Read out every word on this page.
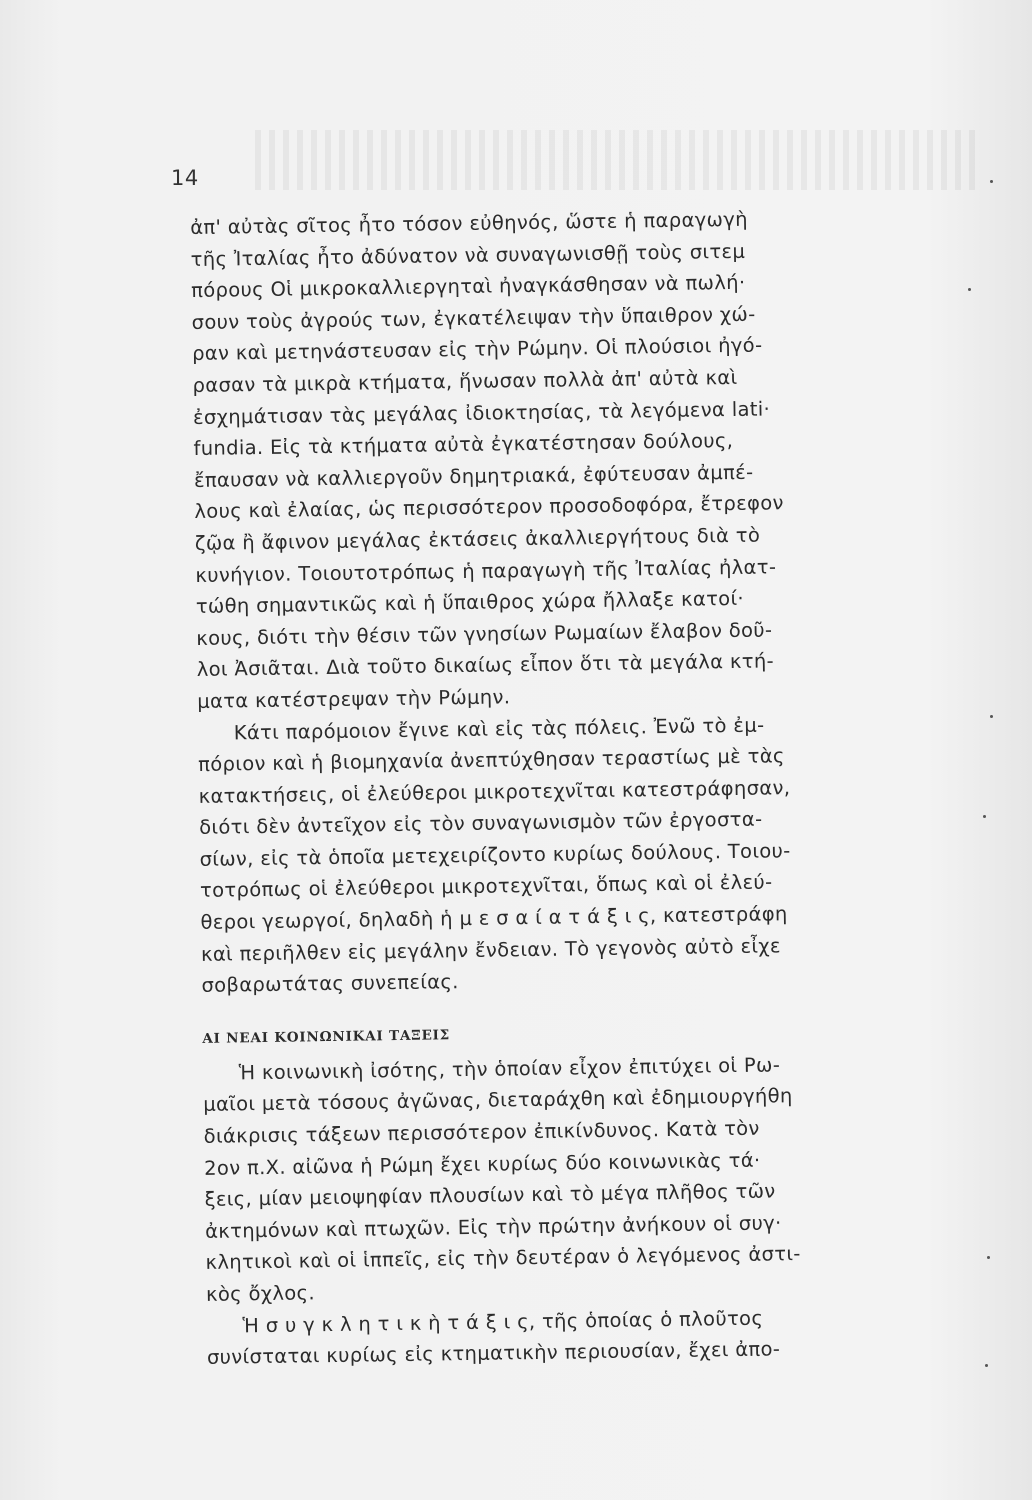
14
ἀπ' αὐτὰς σῖτος ἦτο τόσον εὐθηνός, ὥστε ἡ παραγωγὴ
τῆς Ἰταλίας ἦτο ἀδύνατον νὰ συναγωνισθῇ τοὺς σιτεμ
πόρους Οἱ μικροκαλλιεργηταὶ ἠναγκάσθησαν νὰ πωλή·
σουν τοὺς ἀγρούς των, ἐγκατέλειψαν τὴν ὕπαιθρον χώ-
ραν καὶ μετηνάστευσαν εἰς τὴν Ρώμην. Οἱ πλούσιοι ἠγό-
ρασαν τὰ μικρὰ κτήματα, ἥνωσαν πολλὰ ἀπ' αὐτὰ καὶ
ἐσχημάτισαν τὰς μεγάλας ἰδιοκτησίας, τὰ λεγόμενα lati·
fundia. Εἰς τὰ κτήματα αὐτὰ ἐγκατέστησαν δούλους,
ἔπαυσαν νὰ καλλιεργοῦν δημητριακά, ἐφύτευσαν ἀμπέ-
λους καὶ ἐλαίας, ὡς περισσότερον προσοδοφόρα, ἔτρεφον
ζῷα ἢ ἄφινον μεγάλας ἐκτάσεις ἀκαλλιεργήτους διὰ τὸ
κυνήγιον. Τοιουτοτρόπως ἡ παραγωγὴ τῆς Ἰταλίας ἠλατ-
τώθη σημαντικῶς καὶ ἡ ὕπαιθρος χώρα ἤλλαξε κατοί·
κους, διότι τὴν θέσιν τῶν γνησίων Ρωμαίων ἔλαβον δοῦ-
λοι Ἀσιᾶται. Διὰ τοῦτο δικαίως εἶπον ὅτι τὰ μεγάλα κτή-
ματα κατέστρεψαν τὴν Ρώμην.
Κάτι παρόμοιον ἔγινε καὶ εἰς τὰς πόλεις. Ἐνῶ τὸ ἐμ-
πόριον καὶ ἡ βιομηχανία ἀνεπτύχθησαν τεραστίως μὲ τὰς
κατακτήσεις, οἱ ἐλεύθεροι μικροτεχνῖται κατεστράφησαν,
διότι δὲν ἀντεῖχον εἰς τὸν συναγωνισμὸν τῶν ἐργοστα-
σίων, εἰς τὰ ὁποῖα μετεχειρίζοντο κυρίως δούλους. Τοιου-
τοτρόπως οἱ ἐλεύθεροι μικροτεχνῖται, ὅπως καὶ οἱ ἐλεύ-
θεροι γεωργοί, δηλαδὴ ἡ μ ε σ α ί α τ ά ξ ι ς, κατεστράφη
καὶ περιῆλθεν εἰς μεγάλην ἔνδειαν. Τὸ γεγονὸς αὐτὸ εἶχε
σοβαρωτάτας συνεπείας.
ΑΙ ΝΕΑΙ ΚΟΙΝΩΝΙΚΑΙ ΤΑΞΕΙΣ
Ἡ κοινωνικὴ ἰσότης, τὴν ὁποίαν εἶχον ἐπιτύχει οἱ Ρω-
μαῖοι μετὰ τόσους ἀγῶνας, διεταράχθη καὶ ἐδημιουργήθη
διάκρισις τάξεων περισσότερον ἐπικίνδυνος. Κατὰ τὸν
2ον π.Χ. αἰῶνα ἡ Ρώμη ἔχει κυρίως δύο κοινωνικὰς τά·
ξεις, μίαν μειοψηφίαν πλουσίων καὶ τὸ μέγα πλῆθος τῶν
ἀκτημόνων καὶ πτωχῶν. Εἰς τὴν πρώτην ἀνήκουν οἱ συγ·
κλητικοὶ καὶ οἱ ἱππεῖς, εἰς τὴν δευτέραν ὁ λεγόμενος ἀστι-
κὸς ὄχλος.
Ἡ σ υ γ κ λ η τ ι κ ὴ τ ά ξ ι ς, τῆς ὁποίας ὁ πλοῦτος
συνίσταται κυρίως εἰς κτηματικὴν περιουσίαν, ἔχει ἀπο-
